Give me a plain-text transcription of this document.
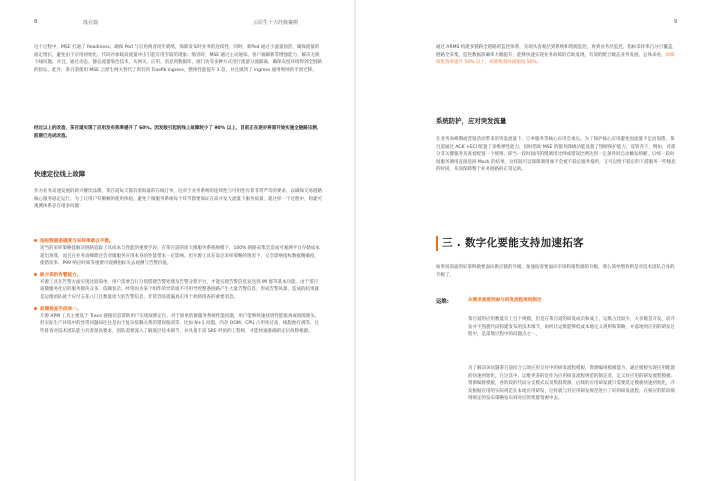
8	落在篇	云原生十大经典案例

这个过程中，MSE 打通了 Readiness、确保 Pod 与应用两者同步就绪，保障发布时业务的连续性；同时，新Pod 通过小流量预热，确保流量的稳定增长，避免由于应用初始化、代码冷加载高流量冲击引起应用雪崩的现象；缩容时，MSE 通过主动通知、客户端刷新等增强能力，解决无损下线问题。并且，通过动态、静态流量染色技术，从网关、应用、消息到数据库，端门访等多种方式进行流量分流隔离，确保灰度环境得到全链路的验证。此外，茶百道使用 MSE 云原生网关替代了原有的 Traefik ingress，整体性能提升 1 倍，并且做到了 ingress 通用规则的平滑迁移。

经过以上的改造，茶百道实现了应用发布效率提升了 60%。因发版引起的线上故障较少了 90% 以上，目前正在逐步将原开始实施全链路压测，前期已完成改造。

快速定位线上故障

作为业务高速发展的新兴餐饮品牌，茶百道每天都有着海量的在线订单，这对于业务系统的连续性与可用性有着非常严苛的要求，以确保交易链路核心服务稳定运行。为了让用户有顺畅的使用体验，避免个微服务系统每个环节都要保证在高并发大流量下服务质量，就这样一个过程中，构建可观测体系存在诸多问题：

指标数据准确度与采样率难以平衡。

适当的采样策略能解决链路追踪工具成本与性能的重要手段。在茶百道的庞大微服务系统规模下，100% 链路采集会造成可观测平台存储成本超出预算，而且在业务高峰期还会对微服务应用本身的性能带来一定影响。但开源工具在设定采样策略的情况下，又会影响指标数据精确度，使错误率、P99 响应时间等重要可观测指标失去观测与告警价值。

缺少高阶告警能力。

开源工具在告警方面实现比较简单，用户需要自行分别搭建告警处理及告警分派平台，才能实现告警信息发送到 IM 群等基本功能。由于茶百道微服务化后的服务模块众多、依赖复杂，经常因为某个组件的异常或不可用导致整条链路产生大量告警信息，形成告警风暴，造成的结果就是运维团队疲于应付五花八门且数量庞大的告警信息，非常容易遗漏真正用于故障排查的重要消息。

故障排查手段单一。

开源 APM 工具主要基于 Trace 链路信息帮助用户实现故障定位。对于简单的微服务系统性能问题，用户能够快速找到性能瓶颈或故障源头，但实际生产环境中的异常问题却往往是由于复杂依赖关系的错误瓶颈等，比如 N+1 问题、内存 OOM、CPU 占用率过高、线程池打满等，这些排查对技术团队能力有着很高要求，团队需要深入了解底层技术细节，并具备丰富 SRE 经验的工程师，才能快速准确的定位故障根源。

9

通过 ARMS 构建多链路全链路的监控体系，实现从客观层到系统和资源监控，再到业务层监控，指标采样率百分百覆盖，链路全采集，监控数据准确率大幅提升，能够快速实现业务故障的自助发现，有效的配合敏态业务发展。总体来看，故障恢复效率提升 50% 以上，故障恢复时间缩短 50%。

系统防护，应对突发流量

在业务高峰期或营销活动带来的突发流量下，订单服务等核心应用会承压。为了保护核心应用避免因流量不足而崩溃，茶百道通过 ACK +ECI 配置了多维弹性能力，同时借助 MSE 的服务降级功能设置了熔断保护能力，双管齐下，例如，对部分非关键服务及查看配置一个规则，即当一段时间内的慢调用比例或错误比例达到一定条件时自动触发熔断，后续一段时间服务调用直接返回 Mock 的结果，这样既可以保障调用端不会被不稳定服务拖垮，又可以给不稳定的下游服务一些喘息的时间，从而保障整个业务链路的正常运转。

三 . 数字化要能支持加速拓客

如果说前面的好茶鲜做要面向供应链的升级，加速拓客要面向市场和销售端的升级，那么简单增效则是对技术团队自身的升级了。

运维:	从需求承接到参与研发流程规则制定

茶百道的应用数量有上百个规模，但是在茶百道的研发成员和成上，运维占比较少，大多数是开发，而开发并不熟悉代码构建发布的技术细节，如何让运维能够低成本地定义规则和策略，并落地到应用的研发过程中，是落地过程中的问题点之一。

为了解决该问题茶百道结合云效应用交付中的研发流程模板、资源编排模板能力，通过模板实现应用配置的快速初始化，在这其中，运维更多的是作为应用研发流程规范的制定者，定义好应用的研发流程模板、资源编排模板，各阶段的代码分支模式以及集群资源，后续的应用研发就只需要选定模板快速初始化，开发根据应用的实际规范在本地应用研发，这样就与对应用研发规范进行了好的研发流程，在相应的阶段规则规定的发布策略发布到对应的集群资源中去。
